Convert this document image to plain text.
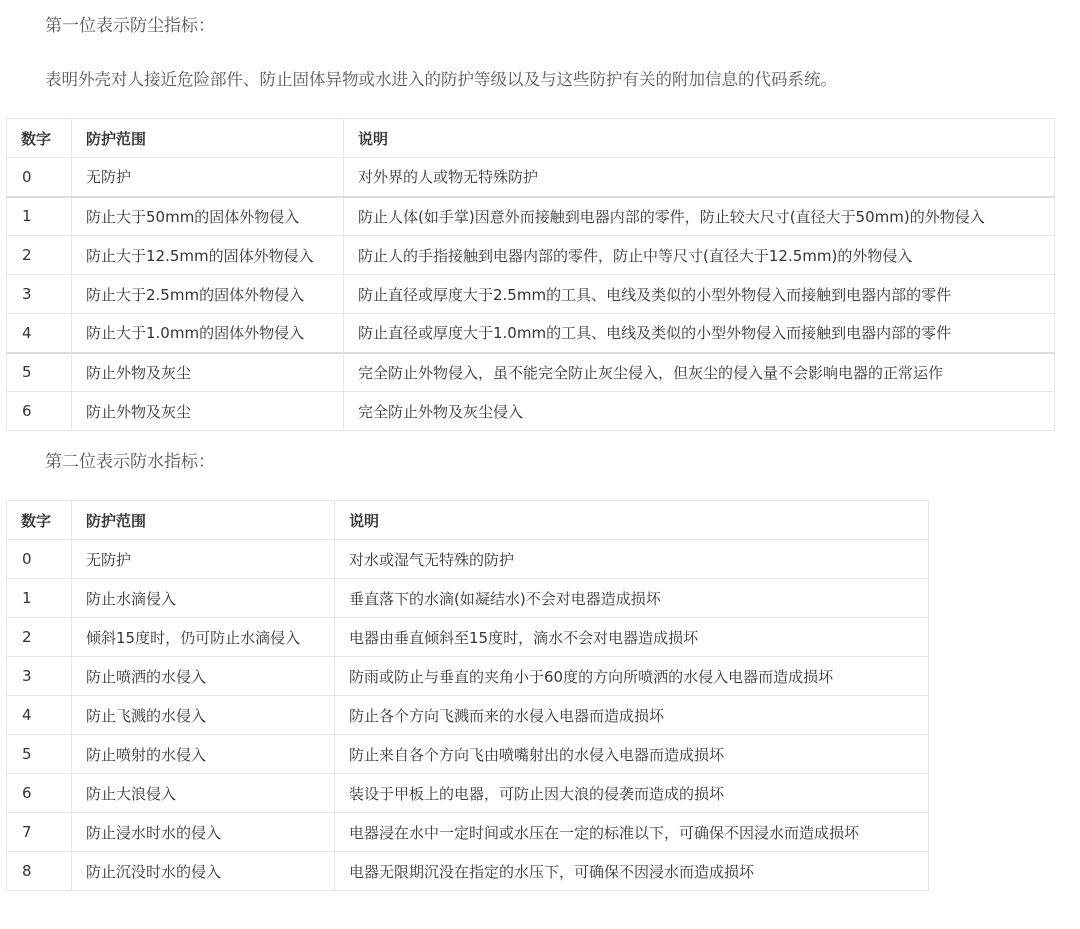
第一位表示防尘指标：

表明外壳对人接近危险部件、防止固体异物或水进入的防护等级以及与这些防护有关的附加信息的代码系统。

数字	防护范围	说明
0	无防护	对外界的人或物无特殊防护
1	防止大于50mm的固体外物侵入	防止人体(如手掌)因意外而接触到电器内部的零件，防止较大尺寸(直径大于50mm)的外物侵入
2	防止大于12.5mm的固体外物侵入	防止人的手指接触到电器内部的零件，防止中等尺寸(直径大于12.5mm)的外物侵入
3	防止大于2.5mm的固体外物侵入	防止直径或厚度大于2.5mm的工具、电线及类似的小型外物侵入而接触到电器内部的零件
4	防止大于1.0mm的固体外物侵入	防止直径或厚度大于1.0mm的工具、电线及类似的小型外物侵入而接触到电器内部的零件
5	防止外物及灰尘	完全防止外物侵入，虽不能完全防止灰尘侵入，但灰尘的侵入量不会影响电器的正常运作
6	防止外物及灰尘	完全防止外物及灰尘侵入

第二位表示防水指标：

数字	防护范围	说明
0	无防护	对水或湿气无特殊的防护
1	防止水滴侵入	垂直落下的水滴(如凝结水)不会对电器造成损坏
2	倾斜15度时，仍可防止水滴侵入	电器由垂直倾斜至15度时，滴水不会对电器造成损坏
3	防止喷洒的水侵入	防雨或防止与垂直的夹角小于60度的方向所喷洒的水侵入电器而造成损坏
4	防止飞溅的水侵入	防止各个方向飞溅而来的水侵入电器而造成损坏
5	防止喷射的水侵入	防止来自各个方向飞由喷嘴射出的水侵入电器而造成损坏
6	防止大浪侵入	装设于甲板上的电器，可防止因大浪的侵袭而造成的损坏
7	防止浸水时水的侵入	电器浸在水中一定时间或水压在一定的标准以下，可确保不因浸水而造成损坏
8	防止沉没时水的侵入	电器无限期沉没在指定的水压下，可确保不因浸水而造成损坏
